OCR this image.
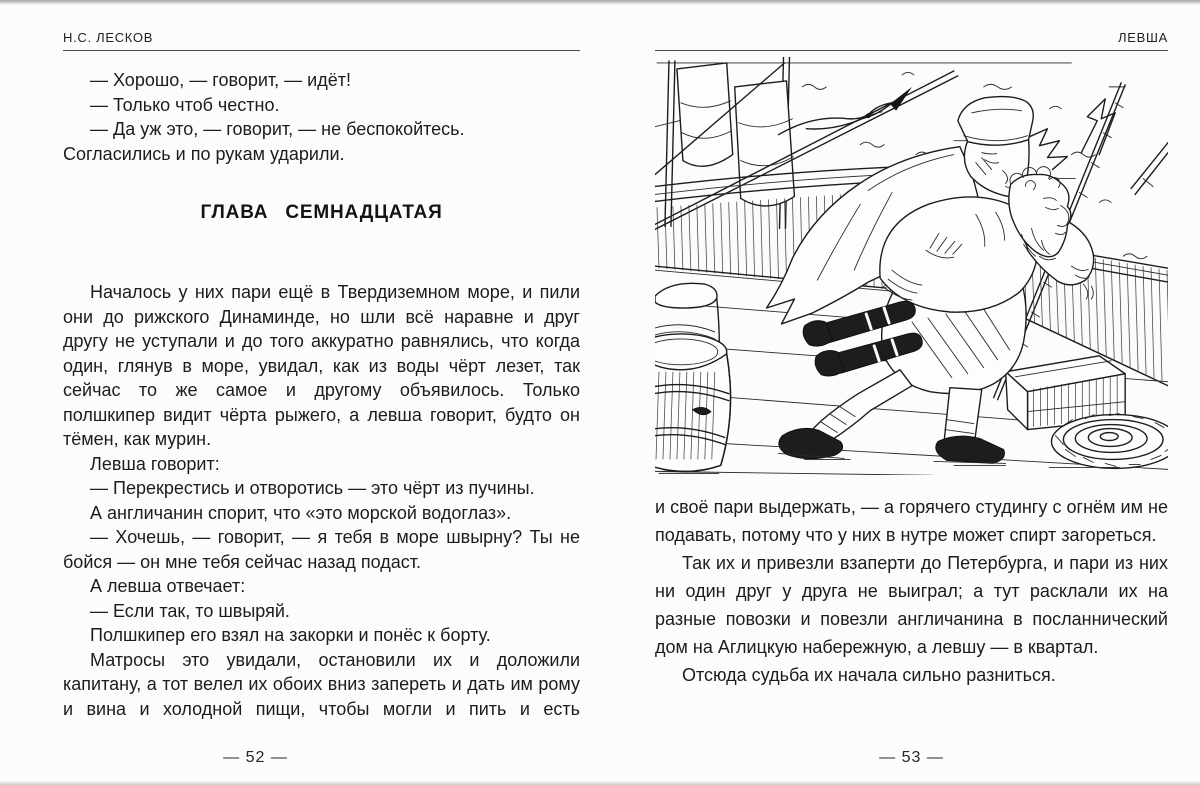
Н.С. ЛЕСКОВ

— Хорошо, — говорит, — идёт!

— Только чтоб честно.

— Да уж это, — говорит, — не беспокойтесь.

Согласились и по рукам ударили.

ГЛАВА СЕМНАДЦАТАЯ

Началось у них пари ещё в Твердиземном море, и пили они до рижского Динаминде, но шли всё наравне и друг другу не уступали и до того аккуратно равнялись, что когда один, глянув в море, увидал, как из воды чёрт лезет, так сейчас то же самое и другому объявилось. Только полшкипер видит чёрта рыжего, а левша говорит, будто он тёмен, как мурин.

Левша говорит:

— Перекрестись и отворотись — это чёрт из пучины.

А англичанин спорит, что «это морской водоглаз».

— Хочешь, — говорит, — я тебя в море швырну? Ты не бойся — он мне тебя сейчас назад подаст.

А левша отвечает:

— Если так, то швыряй.

Полшкипер его взял на закорки и понёс к борту.

Матросы это увидали, остановили их и доложили капитану, а тот велел их обоих вниз запереть и дать им рому и вина и холодной пищи, чтобы могли и пить и есть

— 52 —
ЛЕВША

и своё пари выдержать, — а горячего студингу с огнём им не подавать, потому что у них в нутре может спирт загореться.

Так их и привезли взаперти до Петербурга, и пари из них ни один друг у друга не выиграл; а тут расклали их на разные повозки и повезли англичанина в посланнический дом на Аглицкую набережную, а левшу — в квартал.

Отсюда судьба их начала сильно разниться.

— 53 —
